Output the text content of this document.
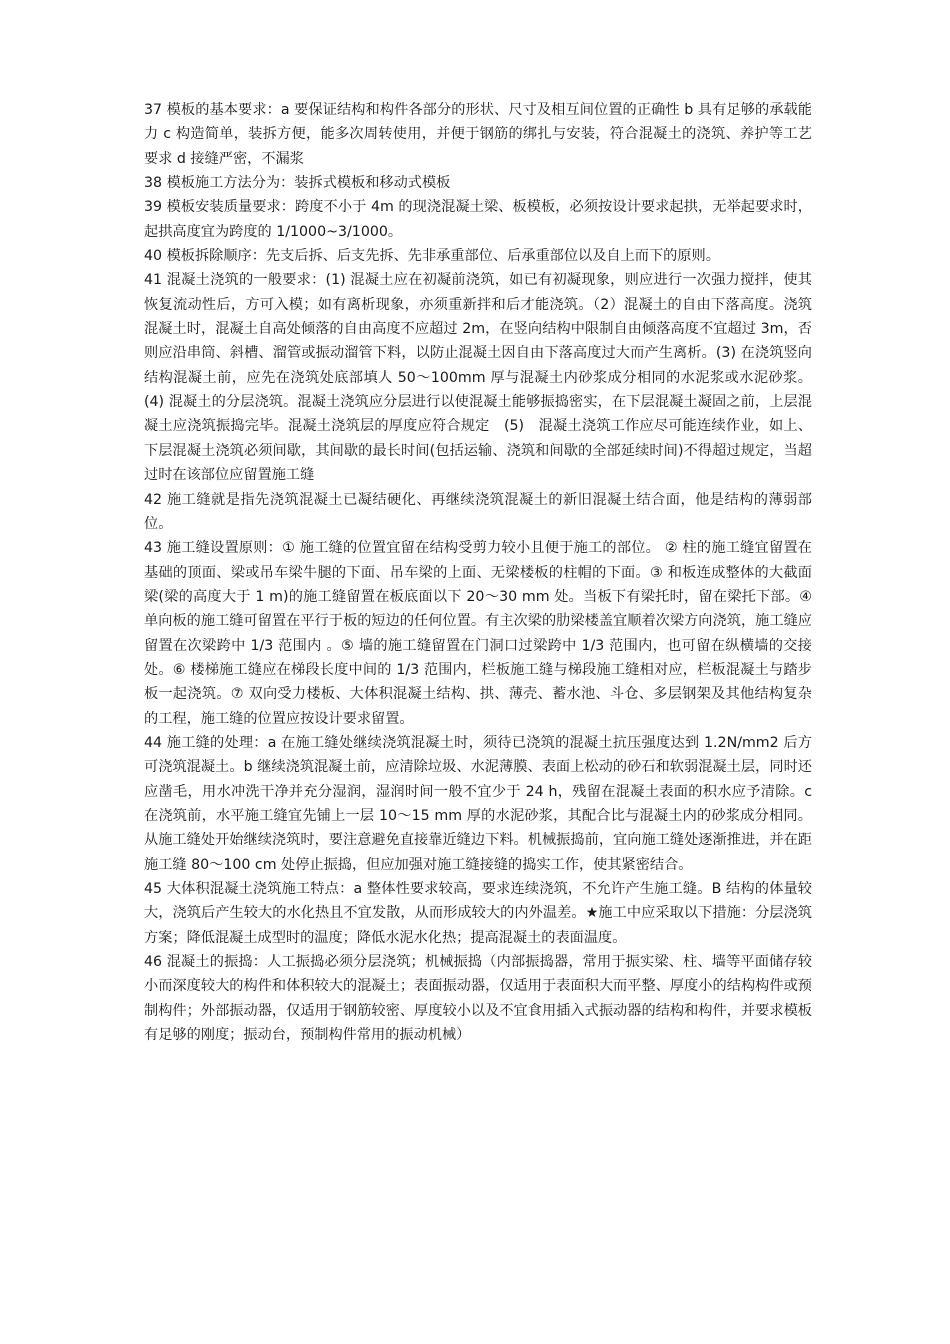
37 模板的基本要求：a 要保证结构和构件各部分的形状、尺寸及相互间位置的正确性 b 具有足够的承载能力 c 构造简单，装拆方便，能多次周转使用，并便于钢筋的绑扎与安装，符合混凝土的浇筑、养护等工艺要求 d 接缝严密，不漏浆

38 模板施工方法分为：装拆式模板和移动式模板

39 模板安装质量要求：跨度不小于 4m 的现浇混凝土梁、板模板，必须按设计要求起拱，无举起要求时，起拱高度宜为跨度的 1/1000~3/1000。

40 模板拆除顺序：先支后拆、后支先拆、先非承重部位、后承重部位以及自上而下的原则。

41 混凝土浇筑的一般要求：(1) 混凝土应在初凝前浇筑，如已有初凝现象，则应进行一次强力搅拌，使其恢复流动性后，方可入模；如有离析现象，亦须重新拌和后才能浇筑。（2）混凝土的自由下落高度。浇筑混凝土时，混凝土自高处倾落的自由高度不应超过 2m，在竖向结构中限制自由倾落高度不宜超过 3m，否则应沿串筒、斜槽、溜管或振动溜管下料，以防止混凝土因自由下落高度过大而产生离析。(3) 在浇筑竖向结构混凝土前，应先在浇筑处底部填人 50～100mm 厚与混凝土内砂浆成分相同的水泥浆或水泥砂浆。(4) 混凝土的分层浇筑。混凝土浇筑应分层进行以使混凝土能够振捣密实，在下层混凝土凝固之前，上层混凝土应浇筑振捣完毕。混凝土浇筑层的厚度应符合规定　(5)　混凝土浇筑工作应尽可能连续作业，如上、下层混凝土浇筑必须间歇，其间歇的最长时间(包括运输、浇筑和间歇的全部延续时间)不得超过规定，当超过时在该部位应留置施工缝

42 施工缝就是指先浇筑混凝土已凝结硬化、再继续浇筑混凝土的新旧混凝土结合面，他是结构的薄弱部位。

43 施工缝设置原则：① 施工缝的位置宜留在结构受剪力较小且便于施工的部位。 ② 柱的施工缝宜留置在基础的顶面、梁或吊车梁牛腿的下面、吊车梁的上面、无梁楼板的柱帽的下面。③ 和板连成整体的大截面梁(梁的高度大于 1 m)的施工缝留置在板底面以下 20～30 mm 处。当板下有梁托时，留在梁托下部。④ 单向板的施工缝可留置在平行于板的短边的任何位置。有主次梁的肋梁楼盖宜顺着次梁方向浇筑，施工缝应留置在次梁跨中 1/3 范围内 。⑤ 墙的施工缝留置在门洞口过梁跨中 1/3 范围内，也可留在纵横墙的交接处。⑥ 楼梯施工缝应在梯段长度中间的 1/3 范围内，栏板施工缝与梯段施工缝相对应，栏板混凝土与踏步板一起浇筑。⑦ 双向受力楼板、大体积混凝土结构、拱、薄壳、蓄水池、斗仓、多层钢架及其他结构复杂的工程，施工缝的位置应按设计要求留置。

44 施工缝的处理：a 在施工缝处继续浇筑混凝土时，须待已浇筑的混凝土抗压强度达到 1.2N/mm2 后方可浇筑混凝土。b 继续浇筑混凝土前，应清除垃圾、水泥薄膜、表面上松动的砂石和软弱混凝土层，同时还应凿毛，用水冲洗干净并充分湿润，湿润时间一般不宜少于 24 h，残留在混凝土表面的积水应予清除。c 在浇筑前，水平施工缝宜先铺上一层 10～15 mm 厚的水泥砂浆，其配合比与混凝土内的砂浆成分相同。从施工缝处开始继续浇筑时，要注意避免直接靠近缝边下料。机械振捣前，宜向施工缝处逐渐推进，并在距施工缝 80～100 cm 处停止振捣，但应加强对施工缝接缝的捣实工作，使其紧密结合。

45 大体积混凝土浇筑施工特点：a 整体性要求较高，要求连续浇筑，不允许产生施工缝。B 结构的体量较大，浇筑后产生较大的水化热且不宜发散，从而形成较大的内外温差。★施工中应采取以下措施：分层浇筑方案；降低混凝土成型时的温度；降低水泥水化热；提高混凝土的表面温度。

46 混凝土的振捣：人工振捣必须分层浇筑；机械振捣（内部振捣器，常用于振实梁、柱、墙等平面储存较小而深度较大的构件和体积较大的混凝土；表面振动器，仅适用于表面积大而平整、厚度小的结构构件或预制构件；外部振动器，仅适用于钢筋较密、厚度较小以及不宜食用插入式振动器的结构和构件，并要求模板有足够的刚度；振动台，预制构件常用的振动机械）
